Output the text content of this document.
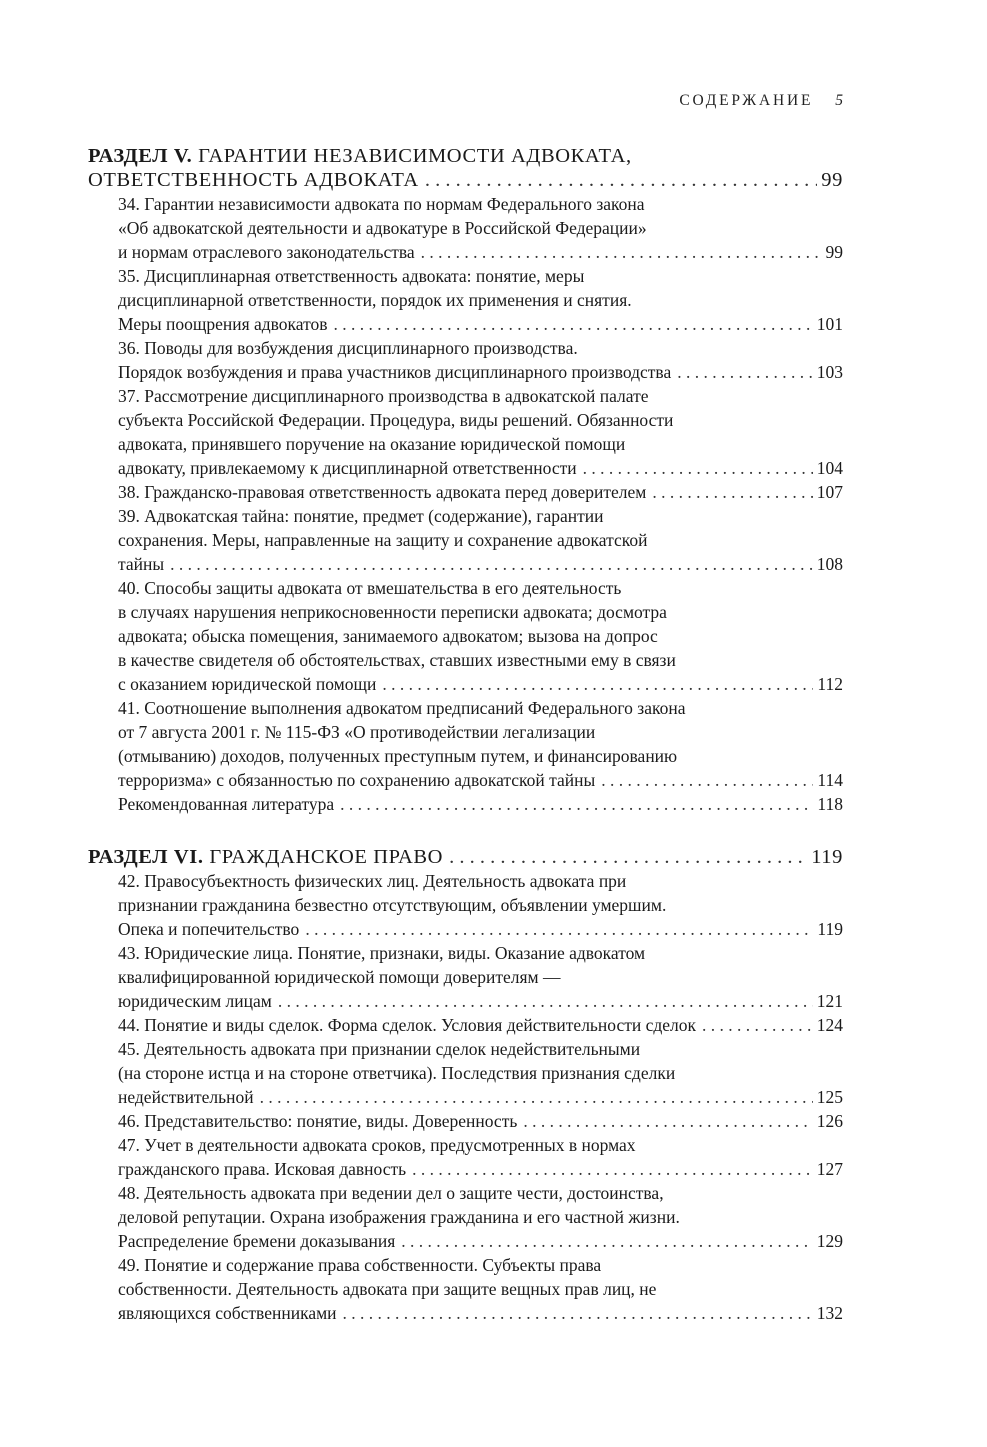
СОДЕРЖАНИЕ 5
РАЗДЕЛ V. ГАРАНТИИ НЕЗАВИСИМОСТИ АДВОКАТА,
ОТВЕТСТВЕННОСТЬ АДВОКАТА . . .	99
34. Гарантии независимости адвоката по нормам Федерального закона
«Об адвокатской деятельности и адвокатуре в Российской Федерации»
и нормам отраслевого законодательства . . .	99
35. Дисциплинарная ответственность адвоката: понятие, меры
дисциплинарной ответственности, порядок их применения и снятия.
Меры поощрения адвокатов . . .	101
36. Поводы для возбуждения дисциплинарного производства.
Порядок возбуждения и права участников дисциплинарного производства . . .	103
37. Рассмотрение дисциплинарного производства в адвокатской палате
субъекта Российской Федерации. Процедура, виды решений. Обязанности
адвоката, принявшего поручение на оказание юридической помощи
адвокату, привлекаемому к дисциплинарной ответственности . . .	104
38. Гражданско-правовая ответственность адвоката перед доверителем . . .	107
39. Адвокатская тайна: понятие, предмет (содержание), гарантии
сохранения. Меры, направленные на защиту и сохранение адвокатской
тайны . . .	108
40. Способы защиты адвоката от вмешательства в его деятельность
в случаях нарушения неприкосновенности переписки адвоката; досмотра
адвоката; обыска помещения, занимаемого адвокатом; вызова на допрос
в качестве свидетеля об обстоятельствах, ставших известными ему в связи
с оказанием юридической помощи . . .	112
41. Соотношение выполнения адвокатом предписаний Федерального закона
от 7 августа 2001 г. № 115-ФЗ «О противодействии легализации
(отмыванию) доходов, полученных преступным путем, и финансированию
терроризма» с обязанностью по сохранению адвокатской тайны . . .	114
Рекомендованная литература . . .	118
РАЗДЕЛ VI. ГРАЖДАНСКОЕ ПРАВО . . .	119
42. Правосубъектность физических лиц. Деятельность адвоката при
признании гражданина безвестно отсутствующим, объявлении умершим.
Опека и попечительство . . .	119
43. Юридические лица. Понятие, признаки, виды. Оказание адвокатом
квалифицированной юридической помощи доверителям —
юридическим лицам . . .	121
44. Понятие и виды сделок. Форма сделок. Условия действительности сделок . . .	124
45. Деятельность адвоката при признании сделок недействительными
(на стороне истца и на стороне ответчика). Последствия признания сделки
недействительной . . .	125
46. Представительство: понятие, виды. Доверенность . . .	126
47. Учет в деятельности адвоката сроков, предусмотренных в нормах
гражданского права. Исковая давность . . .	127
48. Деятельность адвоката при ведении дел о защите чести, достоинства,
деловой репутации. Охрана изображения гражданина и его частной жизни.
Распределение бремени доказывания . . .	129
49. Понятие и содержание права собственности. Субъекты права
собственности. Деятельность адвоката при защите вещных прав лиц, не
являющихся собственниками . . .	132
